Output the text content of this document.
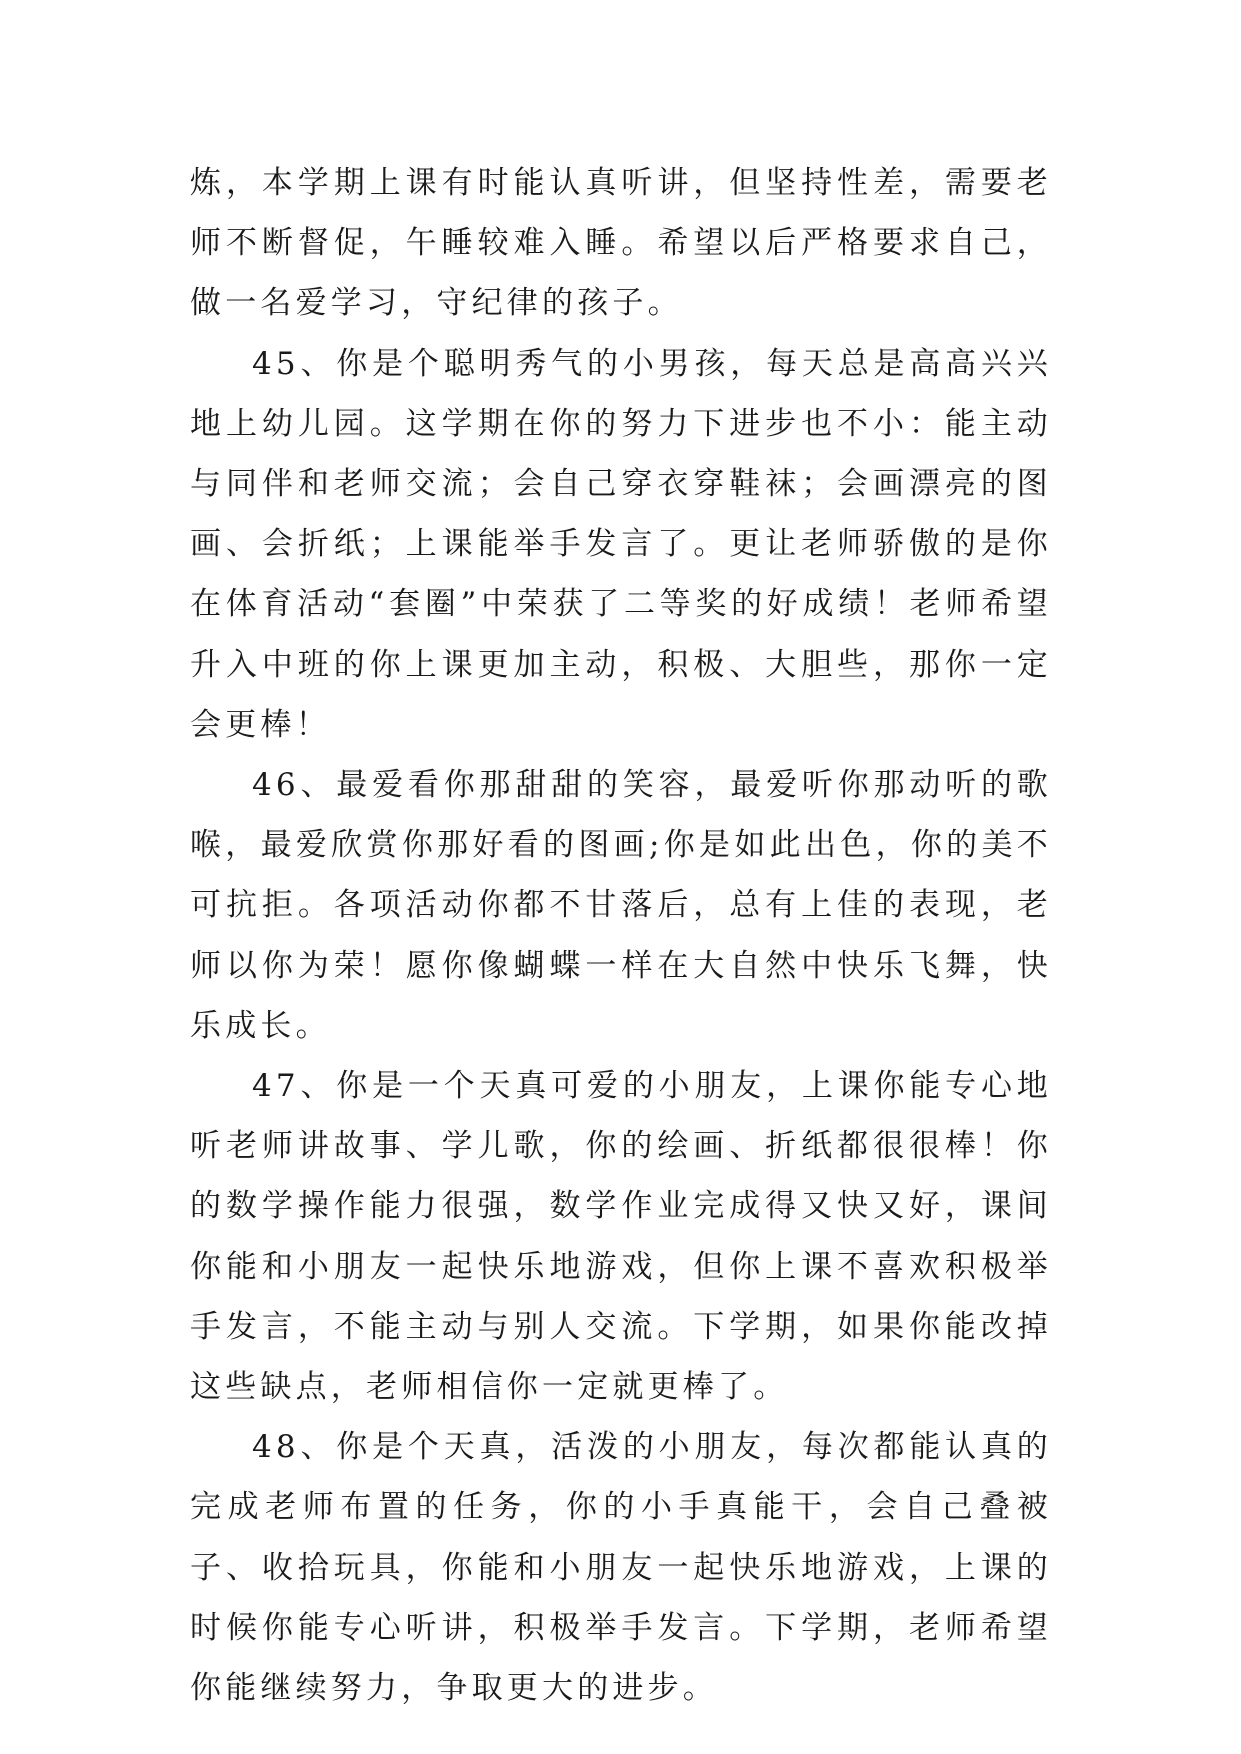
炼，本学期上课有时能认真听讲，但坚持性差，需要老师不断督促，午睡较难入睡。希望以后严格要求自己，做一名爱学习，守纪律的孩子。

45、你是个聪明秀气的小男孩，每天总是高高兴兴地上幼儿园。这学期在你的努力下进步也不小：能主动与同伴和老师交流；会自己穿衣穿鞋袜；会画漂亮的图画、会折纸；上课能举手发言了。更让老师骄傲的是你在体育活动“套圈”中荣获了二等奖的好成绩！老师希望升入中班的你上课更加主动，积极、大胆些，那你一定会更棒！

46、最爱看你那甜甜的笑容，最爱听你那动听的歌喉，最爱欣赏你那好看的图画;你是如此出色，你的美不可抗拒。各项活动你都不甘落后，总有上佳的表现，老师以你为荣！愿你像蝴蝶一样在大自然中快乐飞舞，快乐成长。

47、你是一个天真可爱的小朋友，上课你能专心地听老师讲故事、学儿歌，你的绘画、折纸都很很棒！你的数学操作能力很强，数学作业完成得又快又好，课间你能和小朋友一起快乐地游戏，但你上课不喜欢积极举手发言，不能主动与别人交流。下学期，如果你能改掉这些缺点，老师相信你一定就更棒了。

48、你是个天真，活泼的小朋友，每次都能认真的完成老师布置的任务，你的小手真能干，会自己叠被子、收拾玩具，你能和小朋友一起快乐地游戏，上课的时候你能专心听讲，积极举手发言。下学期，老师希望你能继续努力，争取更大的进步。
